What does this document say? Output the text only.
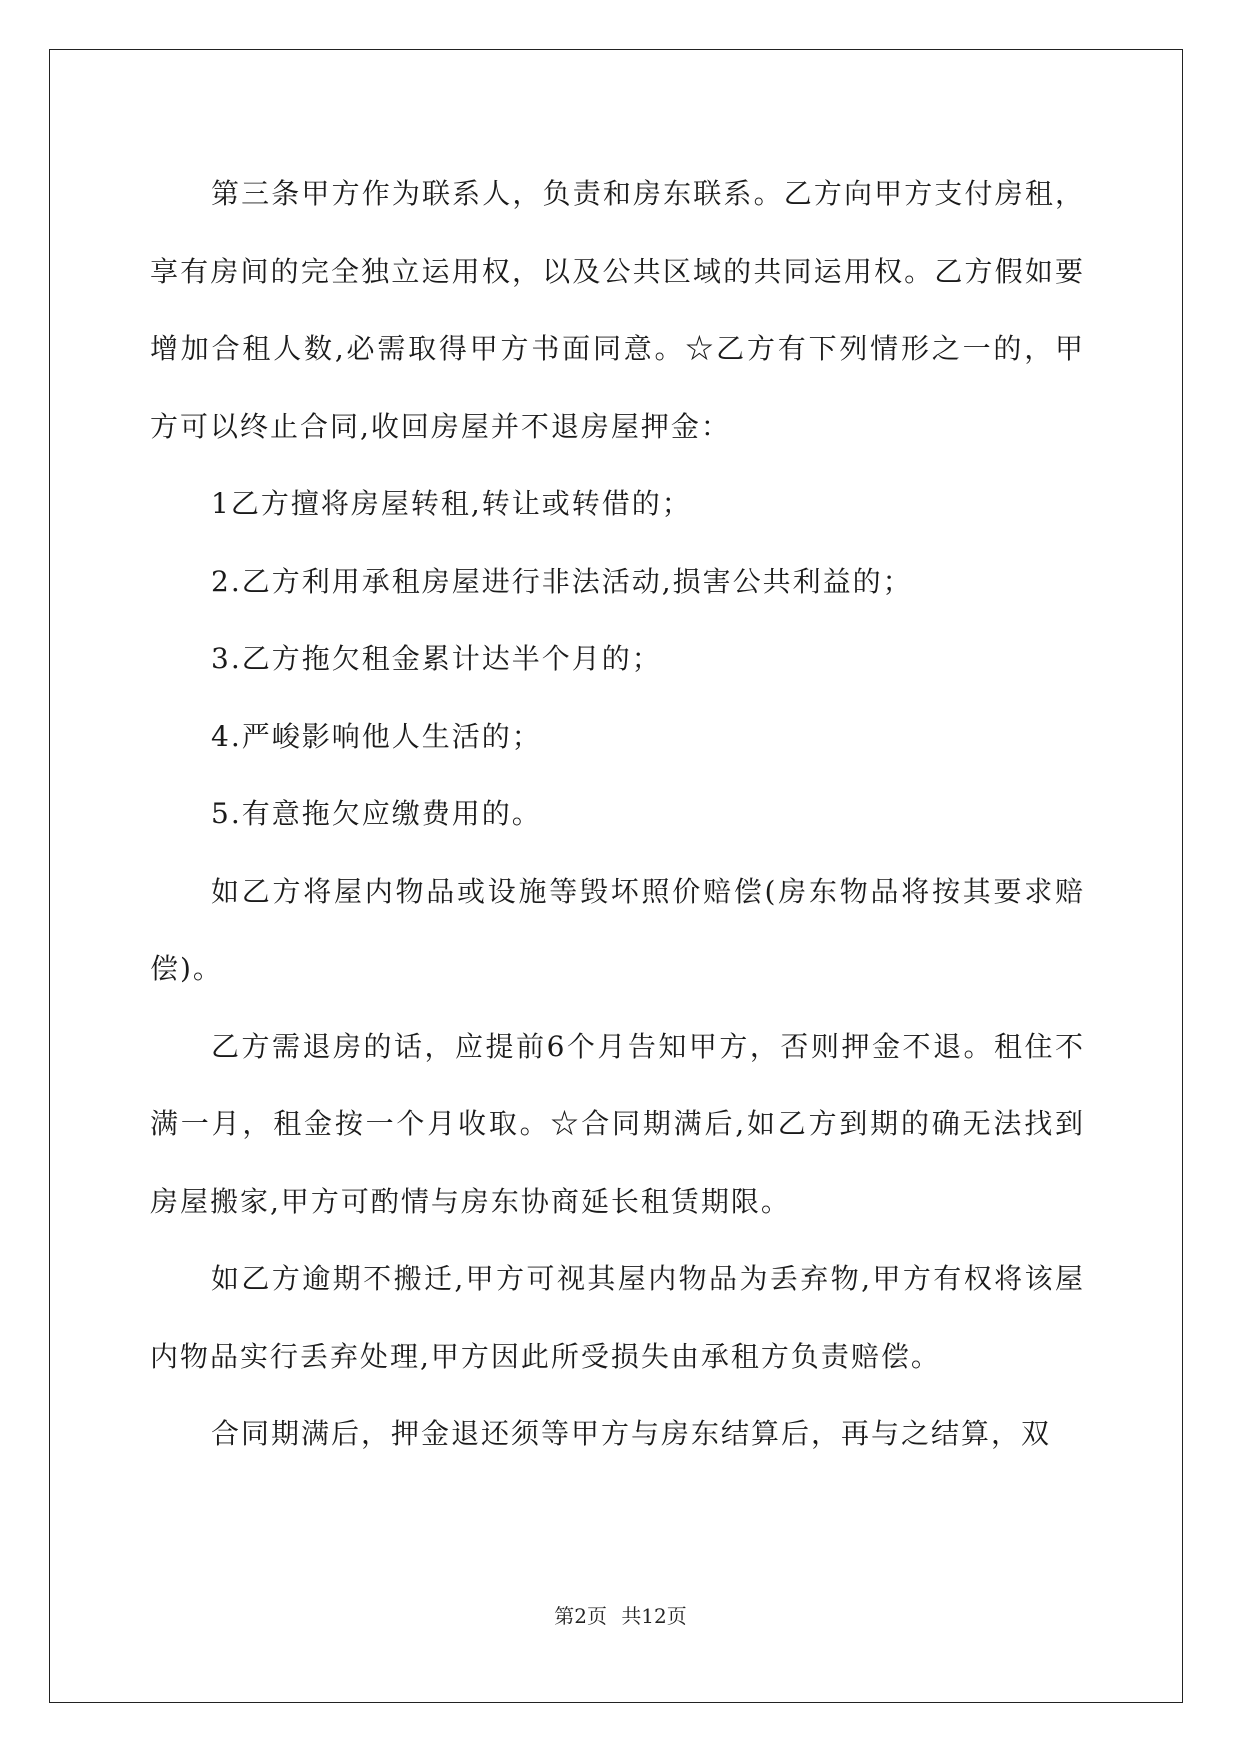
第三条甲方作为联系人，负责和房东联系。乙方向甲方支付房租，享有房间的完全独立运用权，以及公共区域的共同运用权。乙方假如要增加合租人数,必需取得甲方书面同意。☆乙方有下列情形之一的，甲方可以终止合同,收回房屋并不退房屋押金：

1乙方擅将房屋转租,转让或转借的；

2.乙方利用承租房屋进行非法活动,损害公共利益的；

3.乙方拖欠租金累计达半个月的；

4.严峻影响他人生活的；

5.有意拖欠应缴费用的。

如乙方将屋内物品或设施等毁坏照价赔偿(房东物品将按其要求赔偿)。

乙方需退房的话，应提前6个月告知甲方，否则押金不退。租住不满一月，租金按一个月收取。☆合同期满后,如乙方到期的确无法找到房屋搬家,甲方可酌情与房东协商延长租赁期限。

如乙方逾期不搬迁,甲方可视其屋内物品为丢弃物,甲方有权将该屋内物品实行丢弃处理,甲方因此所受损失由承租方负责赔偿。

合同期满后，押金退还须等甲方与房东结算后，再与之结算，双

第2页 共12页
